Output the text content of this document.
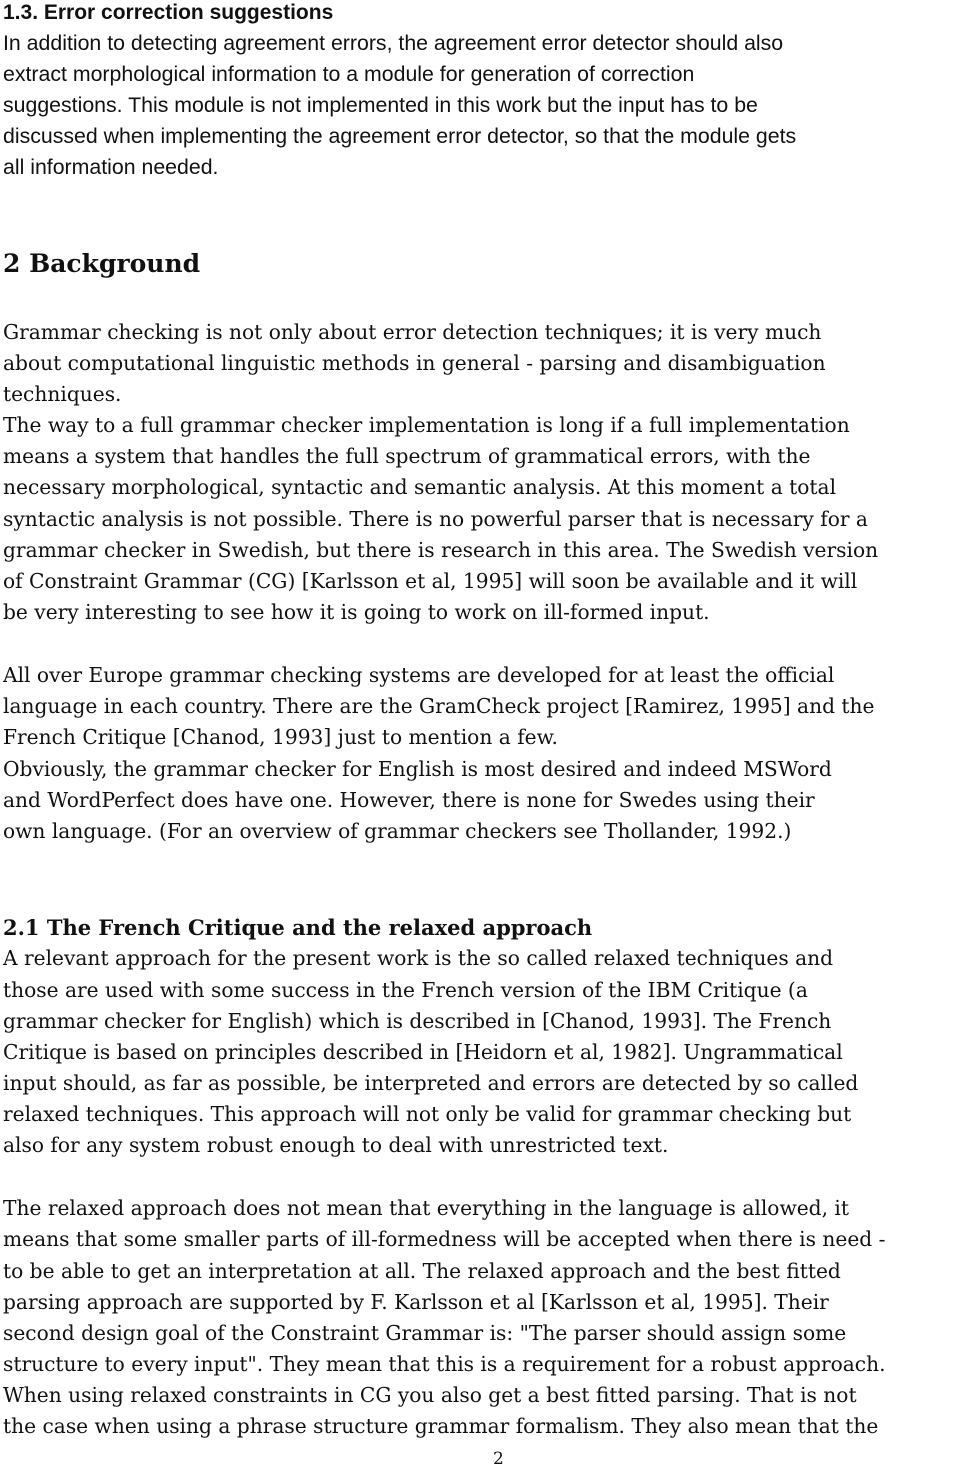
1.3. Error correction suggestions
In addition to detecting agreement errors, the agreement error detector should also
extract morphological information to a module for generation of correction
suggestions. This module is not implemented in this work but the input has to be
discussed when implementing the agreement error detector, so that the module gets
all information needed.
2 Background
Grammar checking is not only about error detection techniques; it is very much
about computational linguistic methods in general - parsing and disambiguation
techniques.
The way to a full grammar checker implementation is long if a full implementation
means a system that handles the full spectrum of grammatical errors, with the
necessary morphological, syntactic and semantic analysis. At this moment a total
syntactic analysis is not possible. There is no powerful parser that is necessary for a
grammar checker in Swedish, but there is research in this area. The Swedish version
of Constraint Grammar (CG) [Karlsson et al, 1995] will soon be available and it will
be very interesting to see how it is going to work on ill-formed input.
All over Europe grammar checking systems are developed for at least the official
language in each country. There are the GramCheck project [Ramirez, 1995] and the
French Critique [Chanod, 1993] just to mention a few.
Obviously, the grammar checker for English is most desired and indeed MSWord
and WordPerfect does have one. However, there is none for Swedes using their
own language. (For an overview of grammar checkers see Thollander, 1992.)
2.1 The French Critique and the relaxed approach
A relevant approach for the present work is the so called relaxed techniques and
those are used with some success in the French version of the IBM Critique (a
grammar checker for English) which is described in [Chanod, 1993]. The French
Critique is based on principles described in [Heidorn et al, 1982]. Ungrammatical
input should, as far as possible, be interpreted and errors are detected by so called
relaxed techniques. This approach will not only be valid for grammar checking but
also for any system robust enough to deal with unrestricted text.
The relaxed approach does not mean that everything in the language is allowed, it
means that some smaller parts of ill-formedness will be accepted when there is need -
to be able to get an interpretation at all. The relaxed approach and the best fitted
parsing approach are supported by F. Karlsson et al [Karlsson et al, 1995]. Their
second design goal of the Constraint Grammar is: "The parser should assign some
structure to every input". They mean that this is a requirement for a robust approach.
When using relaxed constraints in CG you also get a best fitted parsing. That is not
the case when using a phrase structure grammar formalism. They also mean that the
2
